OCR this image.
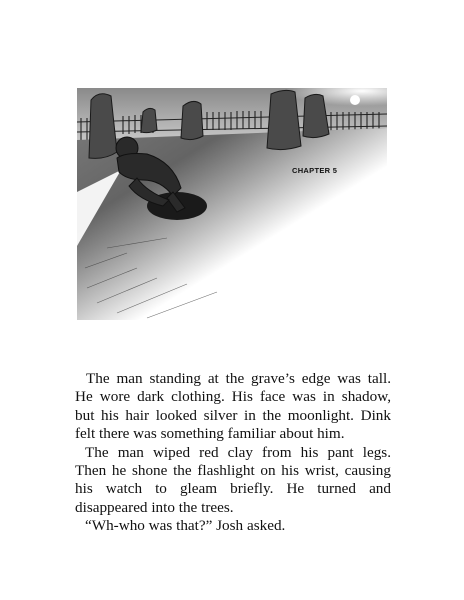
CHAPTER 5
The man standing at the grave’s edge was tall.
He wore dark clothing. His face was in shadow,
but his hair looked silver in the moonlight. Dink
felt there was something familiar about him.
The man wiped red clay from his pant legs.
Then he shone the flashlight on his wrist, causing
his watch to gleam briefly. He turned and
disappeared into the trees.
“Wh-who was that?” Josh asked.
